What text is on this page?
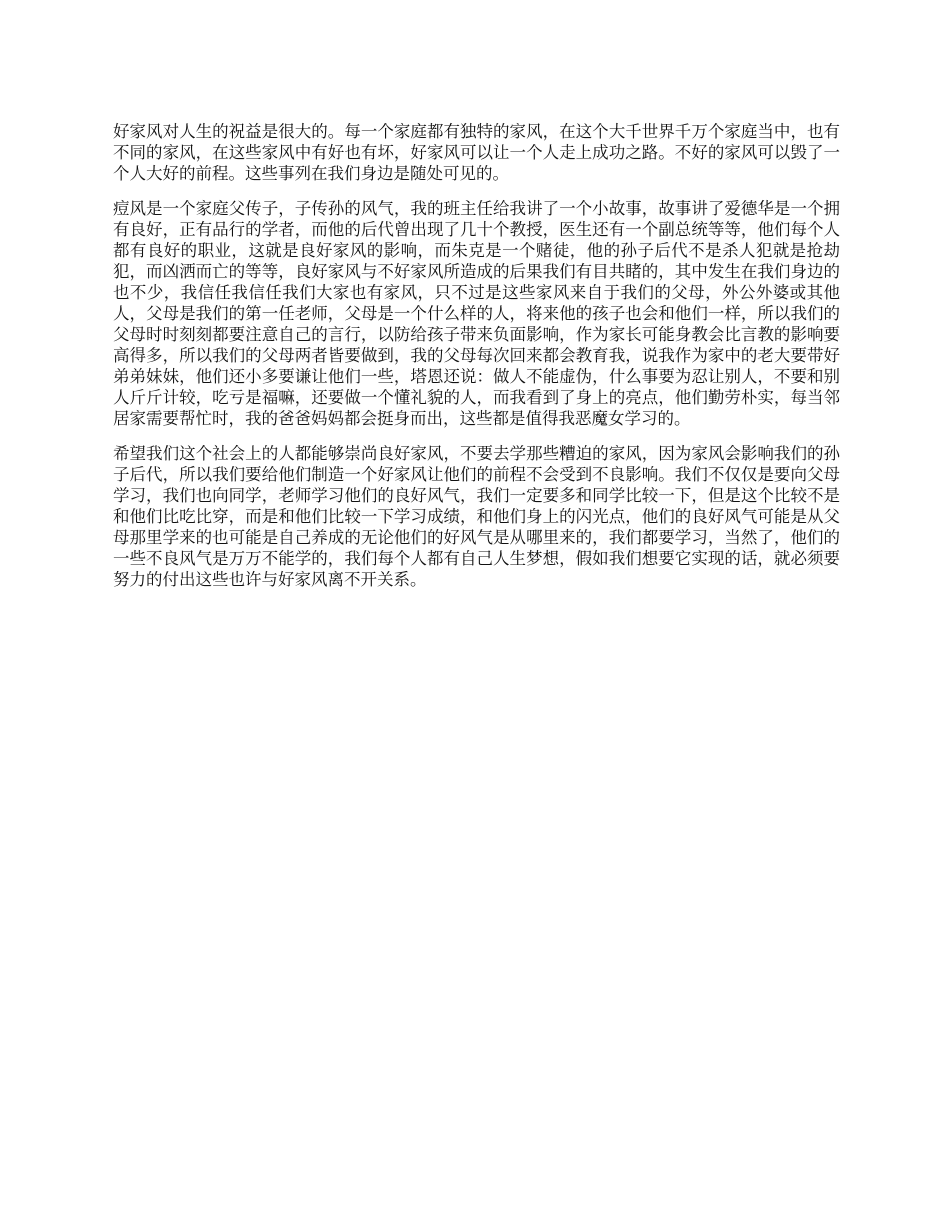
好家风对人生的祝益是很大的。每一个家庭都有独特的家风，在这个大千世界千万个家庭当中，也有不同的家风，在这些家风中有好也有坏，好家风可以让一个人走上成功之路。不好的家风可以毁了一个人大好的前程。这些事列在我们身边是随处可见的。

痘风是一个家庭父传子，子传孙的风气，我的班主任给我讲了一个小故事，故事讲了爱德华是一个拥有良好，正有品行的学者，而他的后代曾出现了几十个教授，医生还有一个副总统等等，他们每个人都有良好的职业，这就是良好家风的影响，而朱克是一个赌徒，他的孙子后代不是杀人犯就是抢劫犯，而凶洒而亡的等等，良好家风与不好家风所造成的后果我们有目共睹的，其中发生在我们身边的也不少，我信任我信任我们大家也有家风，只不过是这些家风来自于我们的父母，外公外婆或其他人，父母是我们的第一任老师，父母是一个什么样的人，将来他的孩子也会和他们一样，所以我们的父母时时刻刻都要注意自己的言行，以防给孩子带来负面影响，作为家长可能身教会比言教的影响要高得多，所以我们的父母两者皆要做到，我的父母每次回来都会教育我，说我作为家中的老大要带好弟弟妹妹，他们还小多要谦让他们一些，塔恩还说：做人不能虚伪，什么事要为忍让别人，不要和别人斤斤计较，吃亏是福嘛，还要做一个懂礼貌的人，而我看到了身上的亮点，他们勤劳朴实，每当邻居家需要帮忙时，我的爸爸妈妈都会挺身而出，这些都是值得我恶魔女学习的。

希望我们这个社会上的人都能够崇尚良好家风，不要去学那些糟迫的家风，因为家风会影响我们的孙子后代，所以我们要给他们制造一个好家风让他们的前程不会受到不良影响。我们不仅仅是要向父母学习，我们也向同学，老师学习他们的良好风气，我们一定要多和同学比较一下，但是这个比较不是和他们比吃比穿，而是和他们比较一下学习成绩，和他们身上的闪光点，他们的良好风气可能是从父母那里学来的也可能是自己养成的无论他们的好风气是从哪里来的，我们都要学习，当然了，他们的一些不良风气是万万不能学的，我们每个人都有自己人生梦想，假如我们想要它实现的话，就必须要努力的付出这些也许与好家风离不开关系。
